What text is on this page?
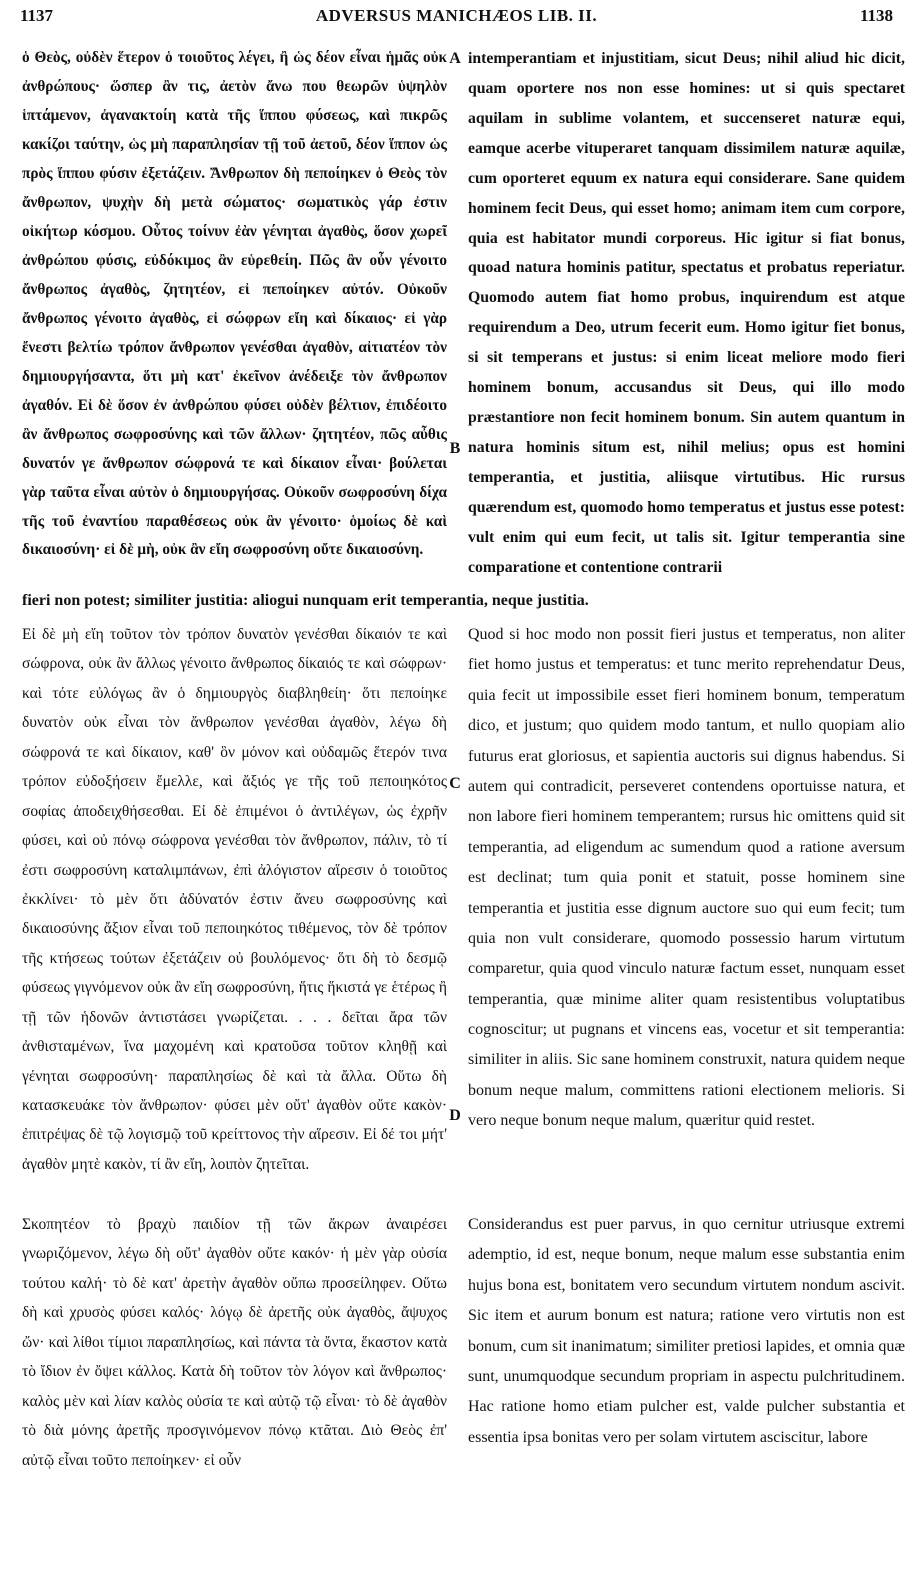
1137	ADVERSUS MANICHÆOS LIB. II.	1138

ὁ Θεὸς, οὐδὲν ἕτερον ὁ τοιοῦτος λέγει, ἢ ὡς δέον εἶναι ἡμᾶς οὐκ ἀνθρώπους· ὥσπερ ἂν τις, ἀετὸν ἄνω που θεωρῶν ὑψηλὸν ἱπτάμενον, ἀγανακτοίη κατὰ τῆς ἵππου φύσεως, καὶ πικρῶς κακίζοι ταύτην, ὡς μὴ παραπλησίαν τῇ τοῦ ἀετοῦ, δέον ἵππον ὡς πρὸς ἵππου φύσιν ἐξετάζειν. Ἄνθρωπον δὴ πεποίηκεν ὁ Θεὸς τὸν ἄνθρωπον, ψυχὴν δὴ μετὰ σώματος· σωματικὸς γάρ ἐστιν οἰκήτωρ κόσμου. Οὗτος τοίνυν ἐὰν γένηται ἀγαθὸς, ὅσον χωρεῖ ἀνθρώπου φύσις, εὐδόκιμος ἂν εὑρεθείη. Πῶς ἂν οὖν γένοιτο ἄνθρωπος ἀγαθὸς, ζητητέον, εἰ πεποίηκεν αὐτόν. Οὐκοῦν ἄνθρωπος γένοιτο ἀγαθὸς, εἰ σώφρων εἴη καὶ δίκαιος· εἰ γὰρ ἔνεστι βελτίω τρόπον ἄνθρωπον γενέσθαι ἀγαθὸν, αἰτιατέον τὸν δημιουργήσαντα, ὅτι μὴ κατ' ἐκεῖνον ἀνέδειξε τὸν ἄνθρωπον ἀγαθόν. Εἰ δὲ ὅσον ἐν ἀνθρώπου φύσει οὐδὲν βέλτιον, ἐπιδέοιτο ἂν ἄνθρωπος σωφροσύνης καὶ τῶν ἄλλων· ζητητέον, πῶς αὖθις δυνατόν γε ἄνθρωπον σώφρονά τε καὶ δίκαιον εἶναι· βούλεται γὰρ ταῦτα εἶναι αὐτὸν ὁ δημιουργήσας. Οὐκοῦν σωφροσύνη δίχα τῆς τοῦ ἐναντίου παραθέσεως οὐκ ἂν γένοιτο· ὁμοίως δὲ καὶ δικαιοσύνη· εἰ δὲ μὴ, οὐκ ἂν εἴη σωφροσύνη οὔτε δικαιοσύνη.

Εἰ δὲ μὴ εἴη τοῦτον τὸν τρόπον δυνατὸν γενέσθαι δίκαιόν τε καὶ σώφρονα, οὐκ ἂν ἄλλως γένοιτο ἄνθρωπος δίκαιός τε καὶ σώφρων· καὶ τότε εὐλόγως ἂν ὁ δημιουργὸς διαβληθείη· ὅτι πεποίηκε δυνατὸν οὐκ εἶναι τὸν ἄνθρωπον γενέσθαι ἀγαθὸν, λέγω δὴ σώφρονά τε καὶ δίκαιον, καθ' ὃν μόνον καὶ οὐδαμῶς ἕτερόν τινα τρόπον εὐδοξήσειν ἔμελλε, καὶ ἄξιός γε τῆς τοῦ πεποιηκότος σοφίας ἀποδειχθήσεσθαι. Εἰ δὲ ἐπιμένοι ὁ ἀντιλέγων, ὡς ἐχρῆν φύσει, καὶ οὐ πόνῳ σώφρονα γενέσθαι τὸν ἄνθρωπον, πάλιν, τὸ τί ἐστι σωφροσύνη καταλιμπάνων, ἐπὶ ἀλόγιστον αἵρεσιν ὁ τοιοῦτος ἐκκλίνει· τὸ μὲν ὅτι ἀδύνατόν ἐστιν ἄνευ σωφροσύνης καὶ δικαιοσύνης ἄξιον εἶναι τοῦ πεποιηκότος τιθέμενος, τὸν δὲ τρόπον τῆς κτήσεως τούτων ἐξετάζειν οὐ βουλόμενος· ὅτι δὴ τὸ δεσμῷ φύσεως γιγνόμενον οὐκ ἂν εἴη σωφροσύνη, ἥτις ἥκιστά γε ἑτέρως ἢ τῇ τῶν ἡδονῶν ἀντιστάσει γνωρίζεται. . . . δεῖται ἄρα τῶν ἀνθισταμένων, ἵνα μαχομένη καὶ κρατοῦσα τοῦτον κληθῇ καὶ γένηται σωφροσύνη· παραπλησίως δὲ καὶ τὰ ἄλλα. Οὕτω δὴ κατασκευάκε τὸν ἄνθρωπον· φύσει μὲν οὔτ' ἀγαθὸν οὔτε κακὸν· ἐπιτρέψας δὲ τῷ λογισμῷ τοῦ κρείττονος τὴν αἵρεσιν. Εἰ δέ τοι μήτ' ἀγαθὸν μητὲ κακὸν, τί ἂν εἴη, λοιπὸν ζητεῖται.

Σκοπητέον τὸ βραχὺ παιδίον τῇ τῶν ἄκρων ἀναιρέσει γνωριζόμενον, λέγω δὴ οὔτ' ἀγαθὸν οὔτε κακόν· ἡ μὲν γὰρ οὐσία τούτου καλή· τὸ δὲ κατ' ἀρετὴν ἀγαθὸν οὔπω προσείληφεν. Οὕτω δὴ καὶ χρυσὸς φύσει καλός· λόγῳ δὲ ἀρετῆς οὐκ ἀγαθὸς, ἄψυχος ὤν· καὶ λίθοι τίμιοι παραπλησίως, καὶ πάντα τὰ ὄντα, ἕκαστον κατὰ τὸ ἴδιον ἐν ὄψει κάλλος. Κατὰ δὴ τοῦτον τὸν λόγον καὶ ἄνθρωπος· καλὸς μὲν καὶ λίαν καλὸς οὐσία τε καὶ αὐτῷ τῷ εἶναι· τὸ δὲ ἀγαθὸν τὸ διὰ μόνης ἀρετῆς προσγινόμενον πόνῳ κτᾶται. Διὸ Θεὸς ἐπ' αὐτῷ εἶναι τοῦτο πεποίηκεν· εἰ οὖν

A
B
C
D

intemperantiam et injustitiam, sicut Deus; nihil aliud hic dicit, quam oportere nos non esse homines: ut si quis spectaret aquilam in sublime volantem, et succenseret naturæ equi, eamque acerbe vituperaret tanquam dissimilem naturæ aquilæ, cum oporteret equum ex natura equi considerare. Sane quidem hominem fecit Deus, qui esset homo; animam item cum corpore, quia est habitator mundi corporeus. Hic igitur si fiat bonus, quoad natura hominis patitur, spectatus et probatus reperiatur. Quomodo autem fiat homo probus, inquirendum est atque requirendum a Deo, utrum fecerit eum. Homo igitur fiet bonus, si sit temperans et justus: si enim liceat meliore modo fieri hominem bonum, accusandus sit Deus, qui illo modo præstantiore non fecit hominem bonum. Sin autem quantum in natura hominis situm est, nihil melius; opus est homini temperantia, et justitia, aliisque virtutibus. Hic rursus quærendum est, quomodo homo temperatus et justus esse potest: vult enim qui eum fecit, ut talis sit. Igitur temperantia sine comparatione et contentione contrarii

fieri non potest; similiter justitia: aliogui nunquam erit temperantia, neque justitia.

Quod si hoc modo non possit fieri justus et temperatus, non aliter fiet homo justus et temperatus: et tunc merito reprehendatur Deus, quia fecit ut impossibile esset fieri hominem bonum, temperatum dico, et justum; quo quidem modo tantum, et nullo quopiam alio futurus erat gloriosus, et sapientia auctoris sui dignus habendus. Si autem qui contradicit, perseveret contendens oportuisse natura, et non labore fieri hominem temperantem; rursus hic omittens quid sit temperantia, ad eligendum ac sumendum quod a ratione aversum est declinat; tum quia ponit et statuit, posse hominem sine temperantia et justitia esse dignum auctore suo qui eum fecit; tum quia non vult considerare, quomodo possessio harum virtutum comparetur, quia quod vinculo naturæ factum esset, nunquam esset temperantia, quæ minime aliter quam resistentibus voluptatibus cognoscitur; ut pugnans et vincens eas, vocetur et sit temperantia: similiter in aliis. Sic sane hominem construxit, natura quidem neque bonum neque malum, committens rationi electionem melioris. Si vero neque bonum neque malum, quæritur quid restet.

Considerandus est puer parvus, in quo cernitur utriusque extremi ademptio, id est, neque bonum, neque malum esse substantia enim hujus bona est, bonitatem vero secundum virtutem nondum ascivit. Sic item et aurum bonum est natura; ratione vero virtutis non est bonum, cum sit inanimatum; similiter pretiosi lapides, et omnia quæ sunt, unumquodque secundum propriam in aspectu pulchritudinem. Hac ratione homo etiam pulcher est, valde pulcher substantia et essentia ipsa bonitas vero per solam virtutem asciscitur, labore
